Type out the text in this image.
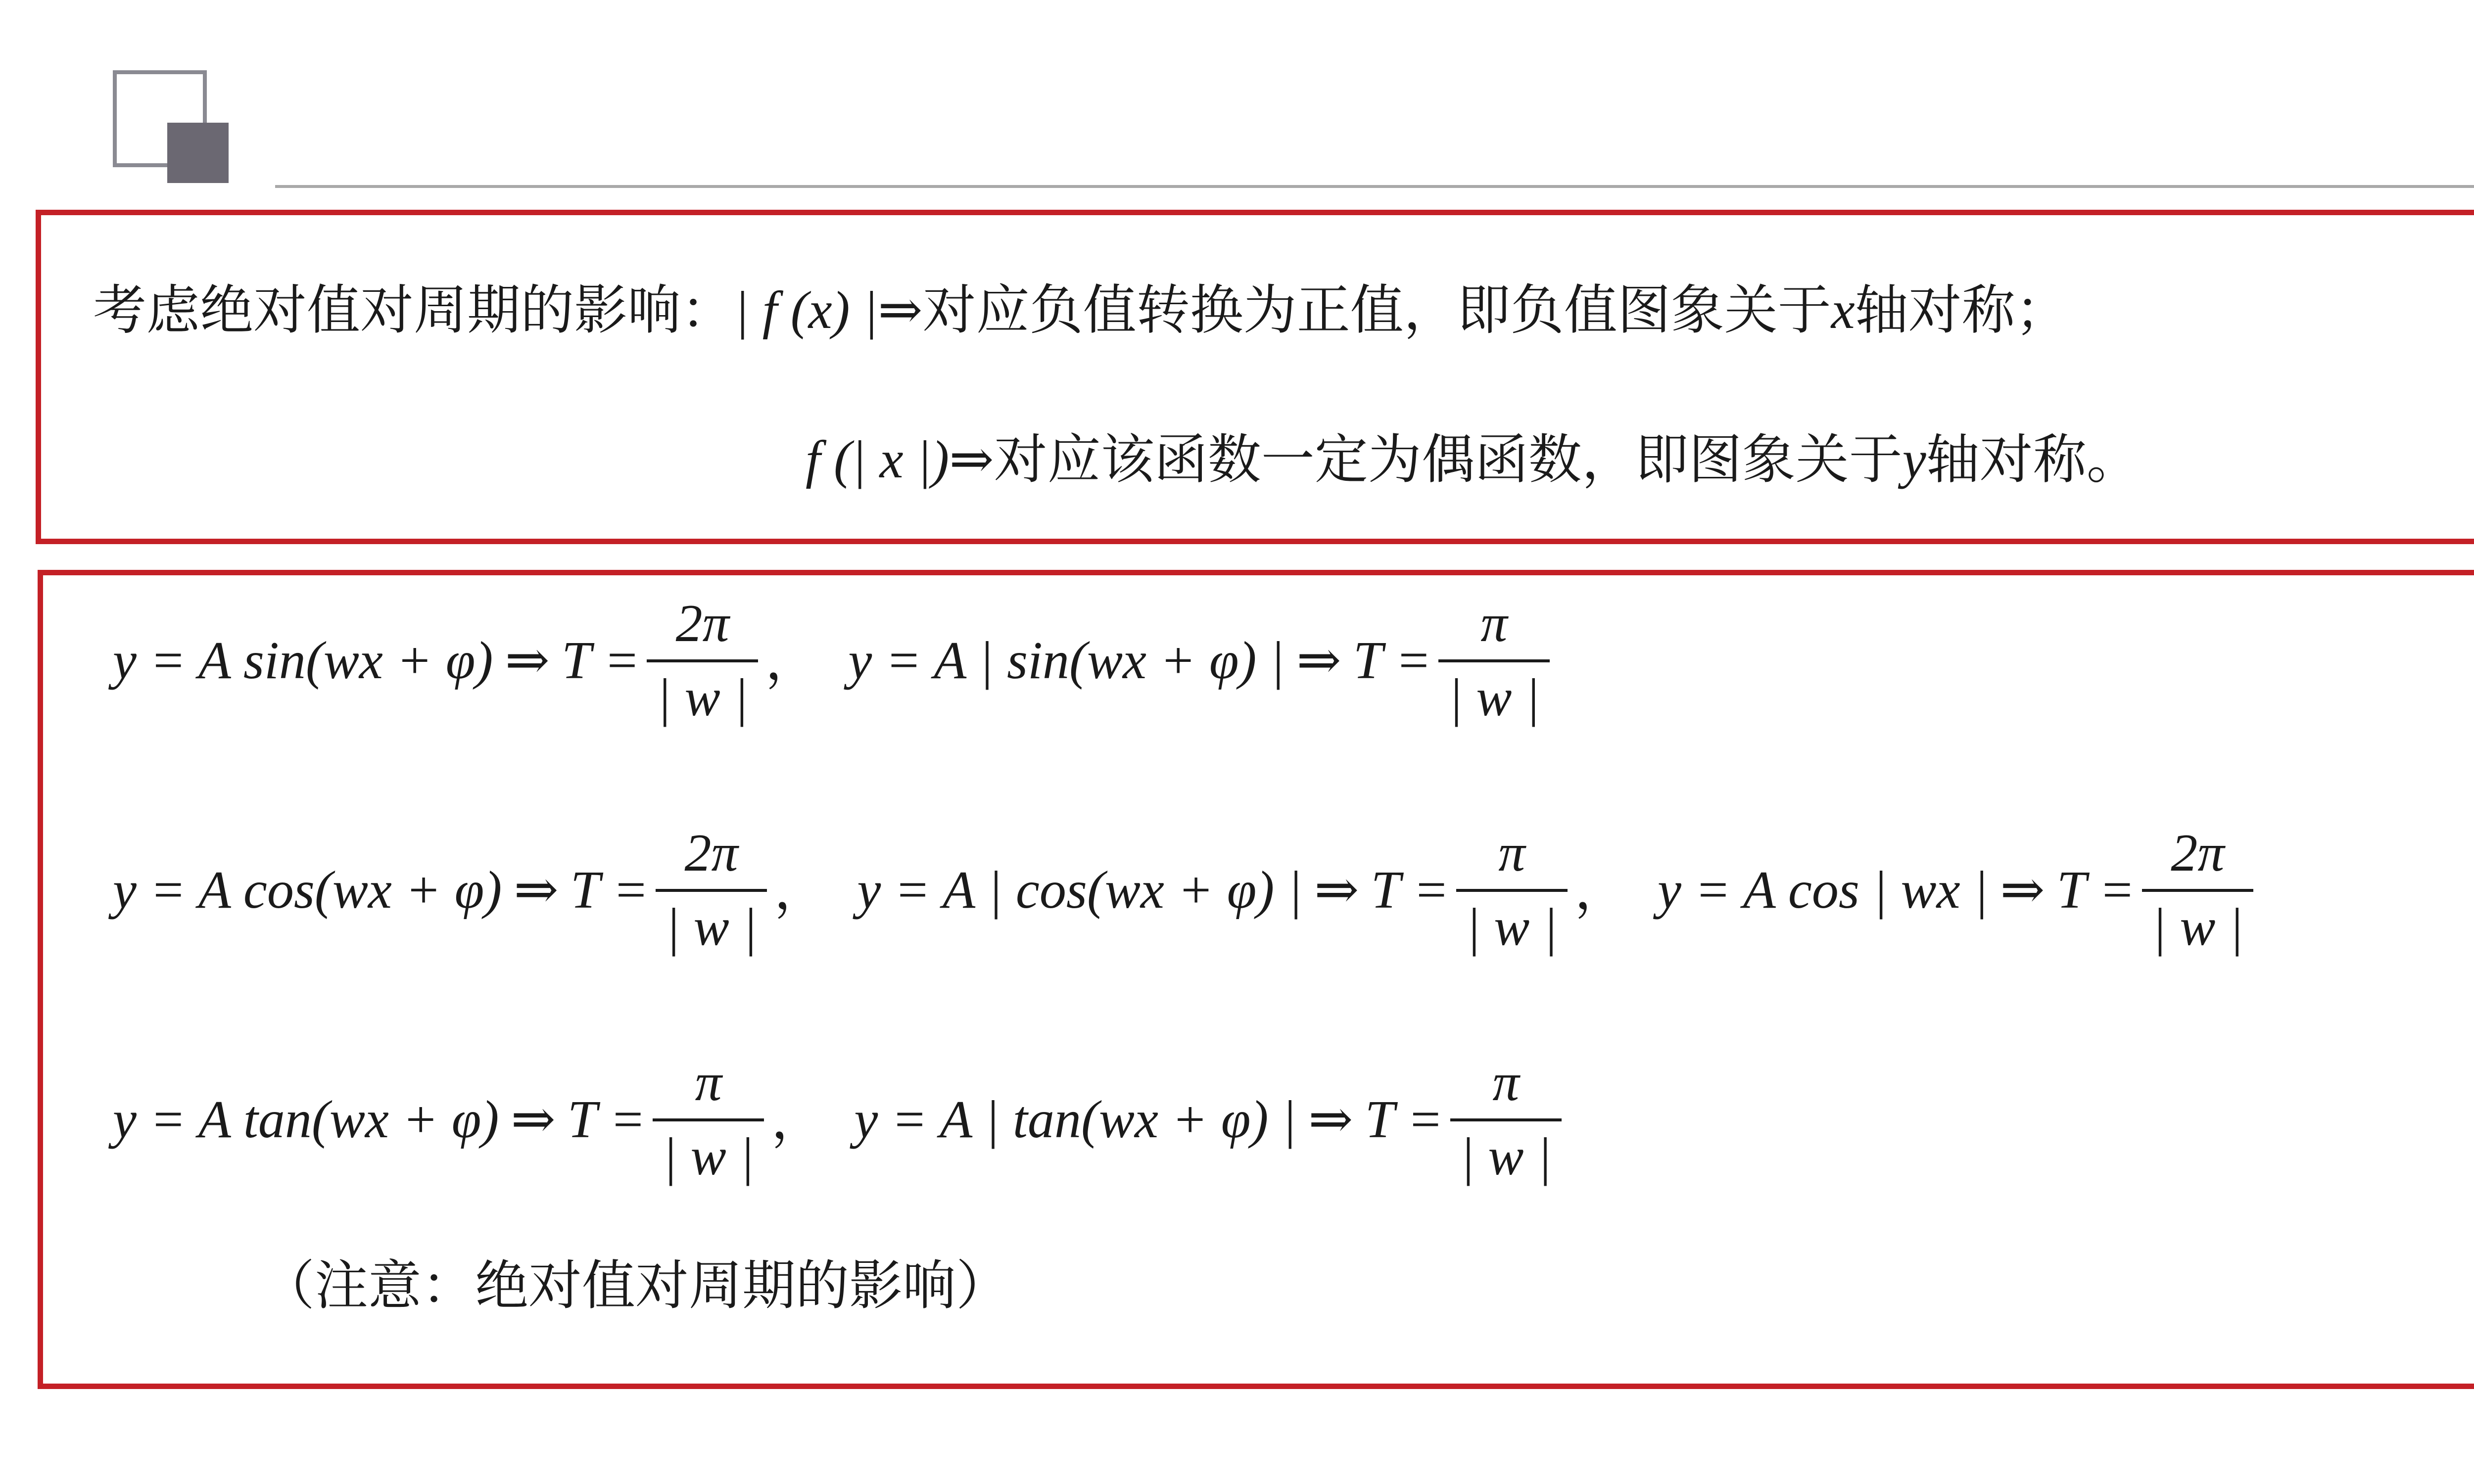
考虑绝对值对周期的影响： | f (x) | ⇒ 对应负值转换为正值，即负值图象关于 x 轴对称；
f (| x |) ⇒ 对应该函数一定为偶函数，即图象关于 y 轴对称。
y = A sin(wx + φ) ⇒ $T = \frac{2\pi}{| w |}$ ， y = A | sin(wx + φ) | ⇒ $T = \frac{\pi}{| w |}$
y = A cos(wx + φ) ⇒ $T = \frac{2\pi}{| w |}$ ， y = A | cos(wx + φ) | ⇒ $T = \frac{\pi}{| w |}$ ， y = A cos | wx | ⇒ $T = \frac{2\pi}{| w |}$
y = A tan(wx + φ) ⇒ $T = \frac{\pi}{| w |}$ ， y = A | tan(wx + φ) | ⇒ $T = \frac{\pi}{| w |}$
（注意：绝对值对周期的影响）
